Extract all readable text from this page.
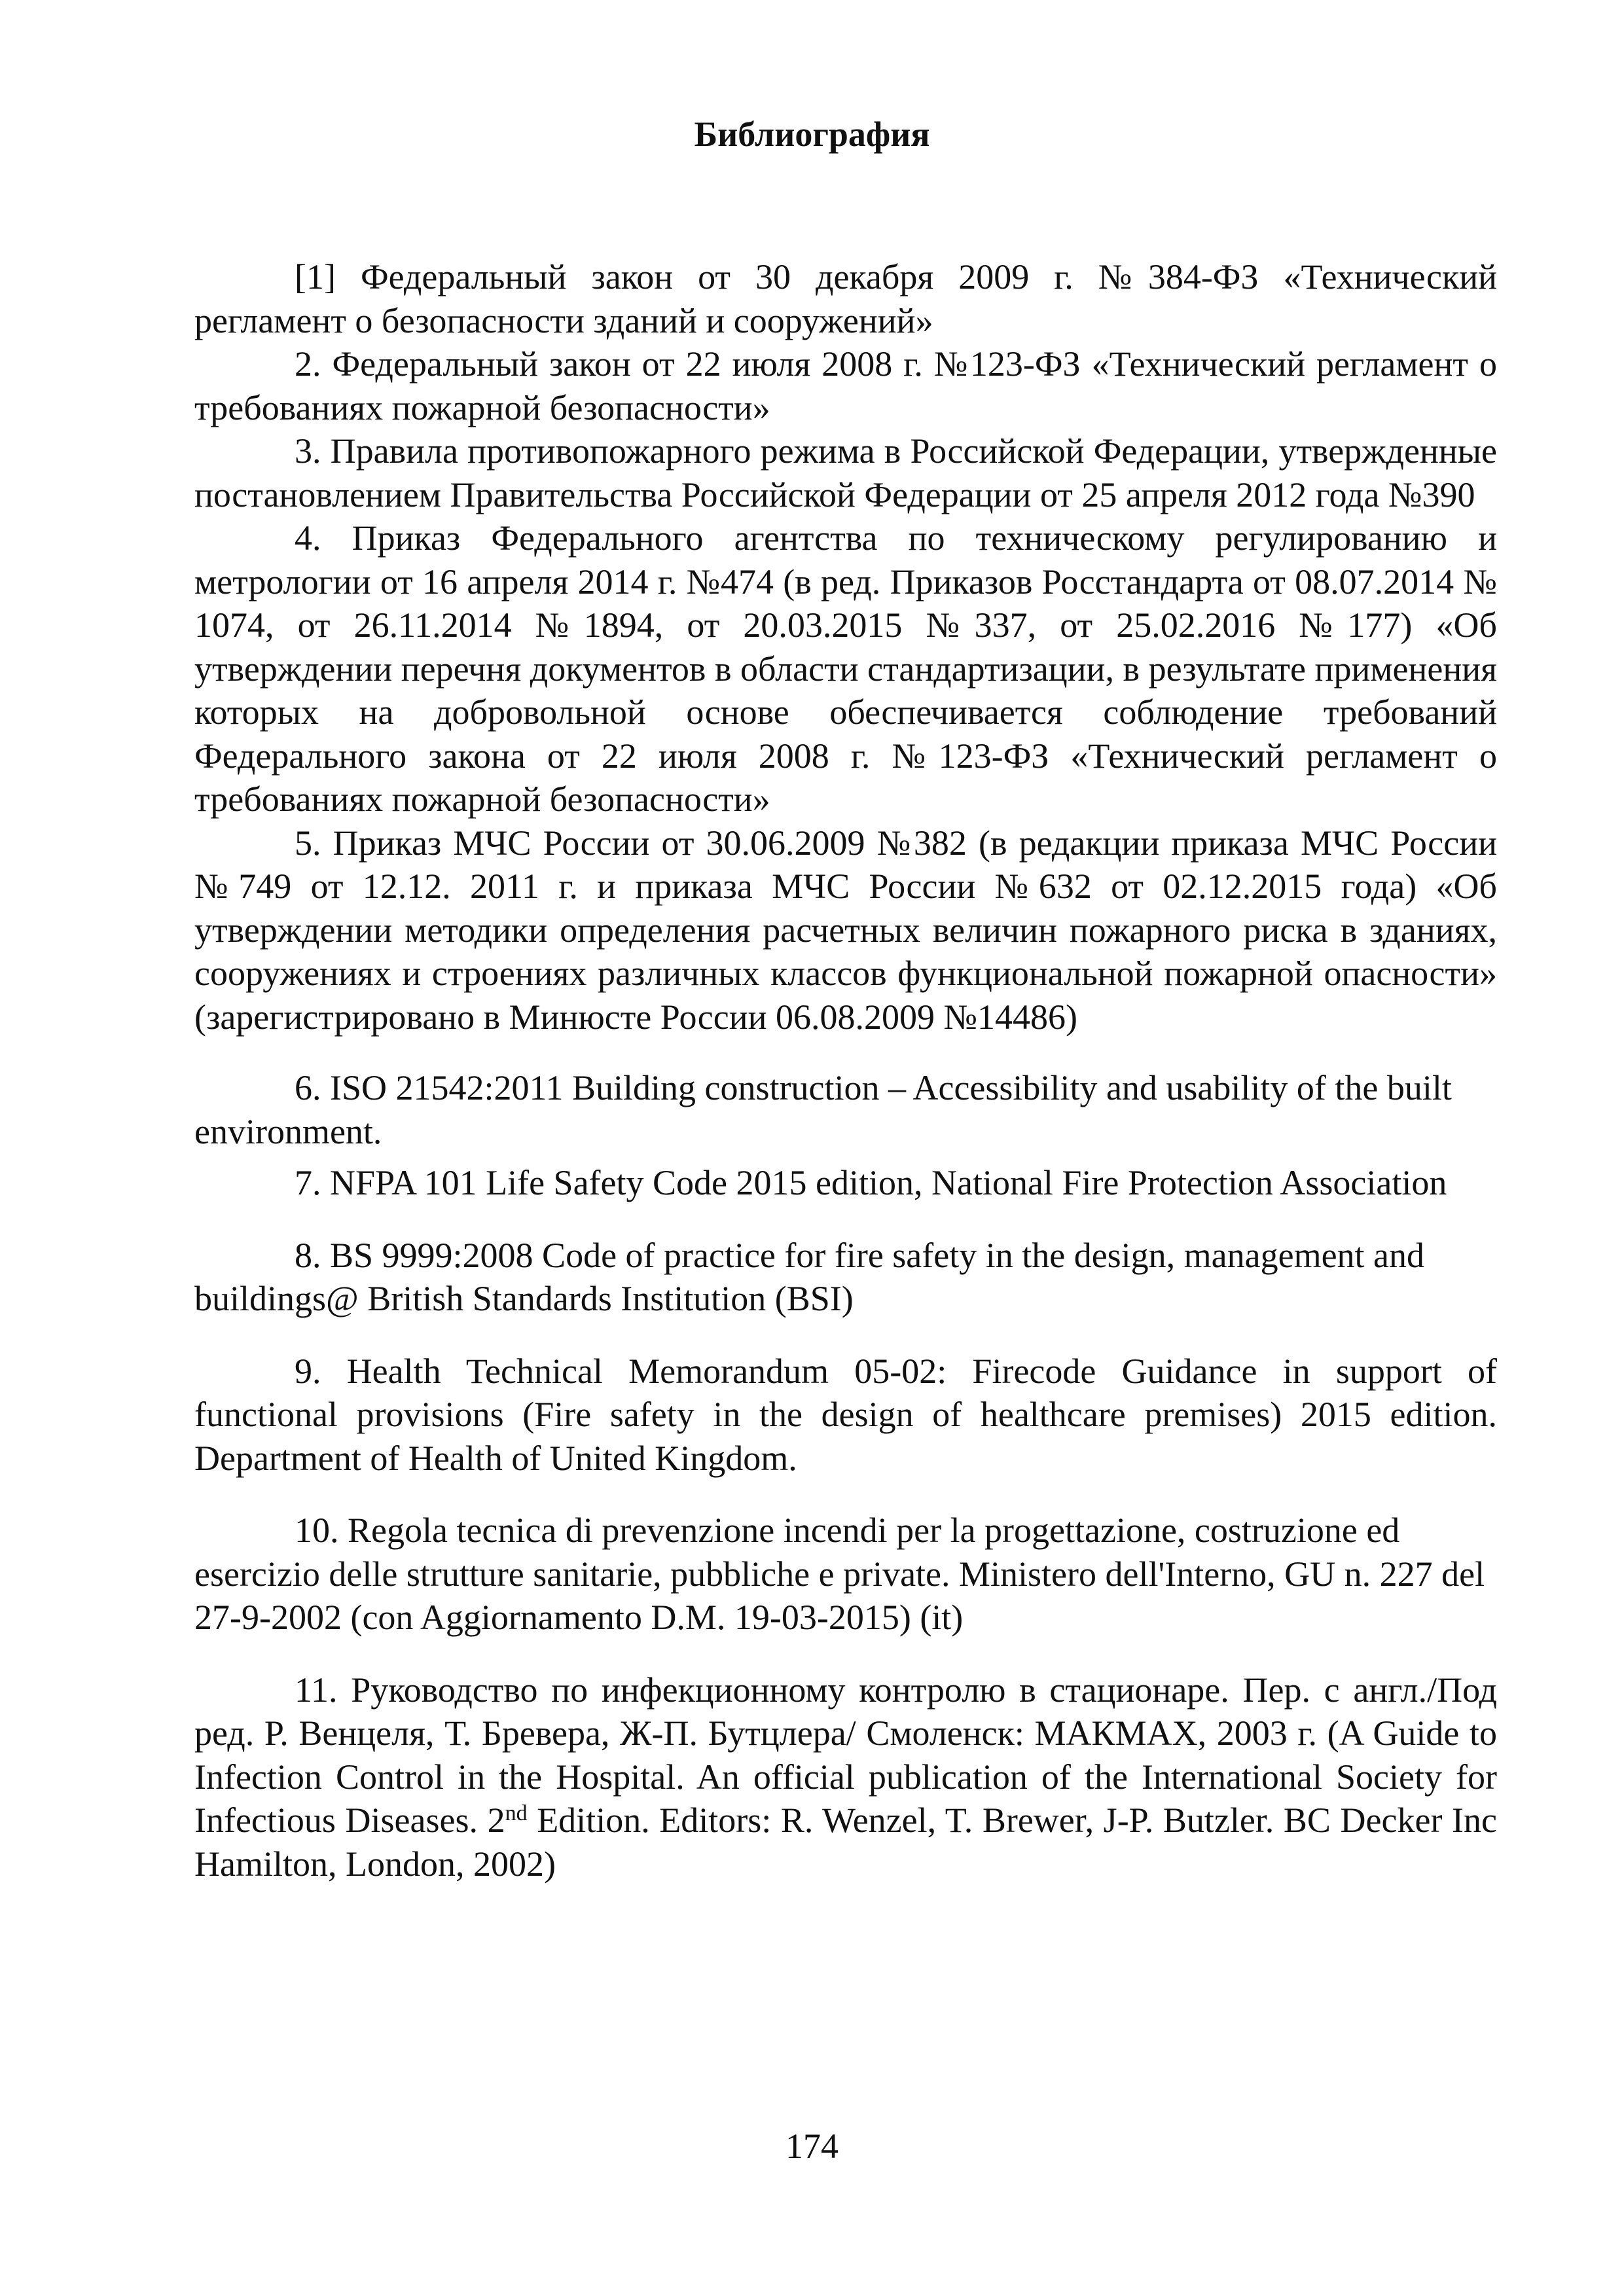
Библиография

[1] Федеральный закон от 30 декабря 2009 г. №384-ФЗ «Технический регламент о безопасности зданий и сооружений»

2. Федеральный закон от 22 июля 2008 г. №123-ФЗ «Технический регламент о требованиях пожарной безопасности»

3. Правила противопожарного режима в Российской Федерации, утвержденные постановлением Правительства Российской Федерации от 25 апреля 2012 года №390

4. Приказ Федерального агентства по техническому регулированию и метрологии от 16 апреля 2014 г. №474 (в ред. Приказов Росстандарта от 08.07.2014 № 1074, от 26.11.2014 №1894, от 20.03.2015 №337, от 25.02.2016 №177) «Об утверждении перечня документов в области стандартизации, в результате применения которых на добровольной основе обеспечивается соблюдение требований Федерального закона от 22 июля 2008 г. №123-ФЗ «Технический регламент о требованиях пожарной безопасности»

5. Приказ МЧС России от 30.06.2009 №382 (в редакции приказа МЧС России №749 от 12.12. 2011 г. и приказа МЧС России №632 от 02.12.2015 года) «Об утверждении методики определения расчетных величин пожарного риска в зданиях, сооружениях и строениях различных классов функциональной пожарной опасности» (зарегистрировано в Минюсте России 06.08.2009 №14486)

6. ISO 21542:2011 Building construction – Accessibility and usability of the built environment.

7. NFPA 101 Life Safety Code 2015 edition, National Fire Protection Association

8. BS 9999:2008 Code of practice for fire safety in the design, management and buildings@ British Standards Institution (BSI)

9. Health Technical Memorandum 05-02: Firecode Guidance in support of functional provisions (Fire safety in the design of healthcare premises) 2015 edition. Department of Health of United Kingdom.

10. Regola tecnica di prevenzione incendi per la progettazione, costruzione ed esercizio delle strutture sanitarie, pubbliche e private. Ministero dell'Interno, GU n. 227 del 27-9-2002 (con Aggiornamento D.M. 19-03-2015) (it)

11. Руководство по инфекционному контролю в стационаре. Пер. с англ./Под ред. Р. Венцеля, Т. Бревера, Ж-П. Бутцлера/ Смоленск: МАКМАХ, 2003 г. (A Guide to Infection Control in the Hospital. An official publication of the International Society for Infectious Diseases. 2nd Edition. Editors: R. Wenzel, T. Brewer, J-P. Butzler. BC Decker Inc Hamilton, London, 2002)

174
